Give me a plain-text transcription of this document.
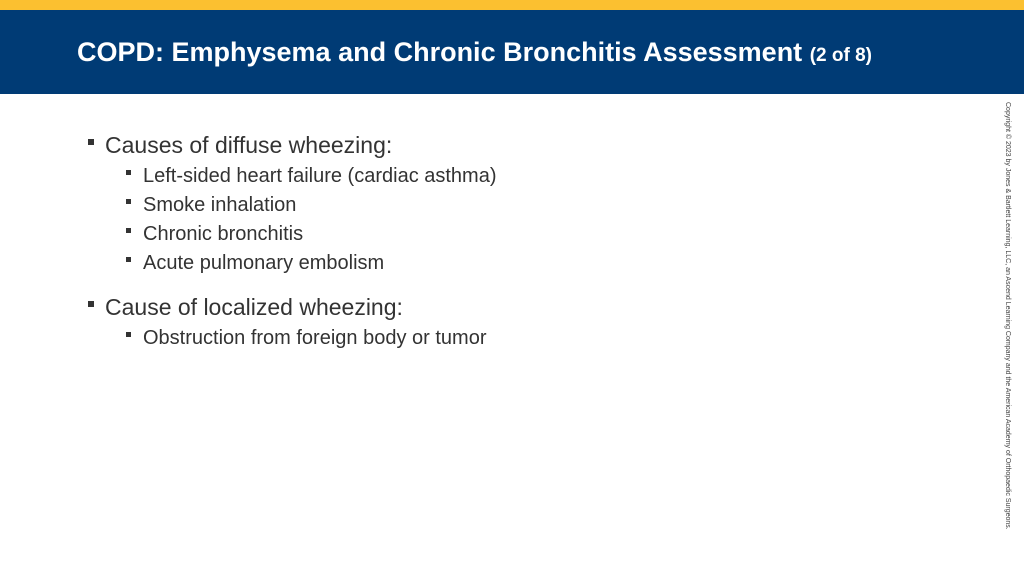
COPD: Emphysema and Chronic Bronchitis Assessment (2 of 8)
Causes of diffuse wheezing:
Left-sided heart failure (cardiac asthma)
Smoke inhalation
Chronic bronchitis
Acute pulmonary embolism
Cause of localized wheezing:
Obstruction from foreign body or tumor	Copyright © 2023 by Jones & Bartlett Learning, LLC, an Ascend Learning Company and the American Academy of Orthopaedic Surgeons.
